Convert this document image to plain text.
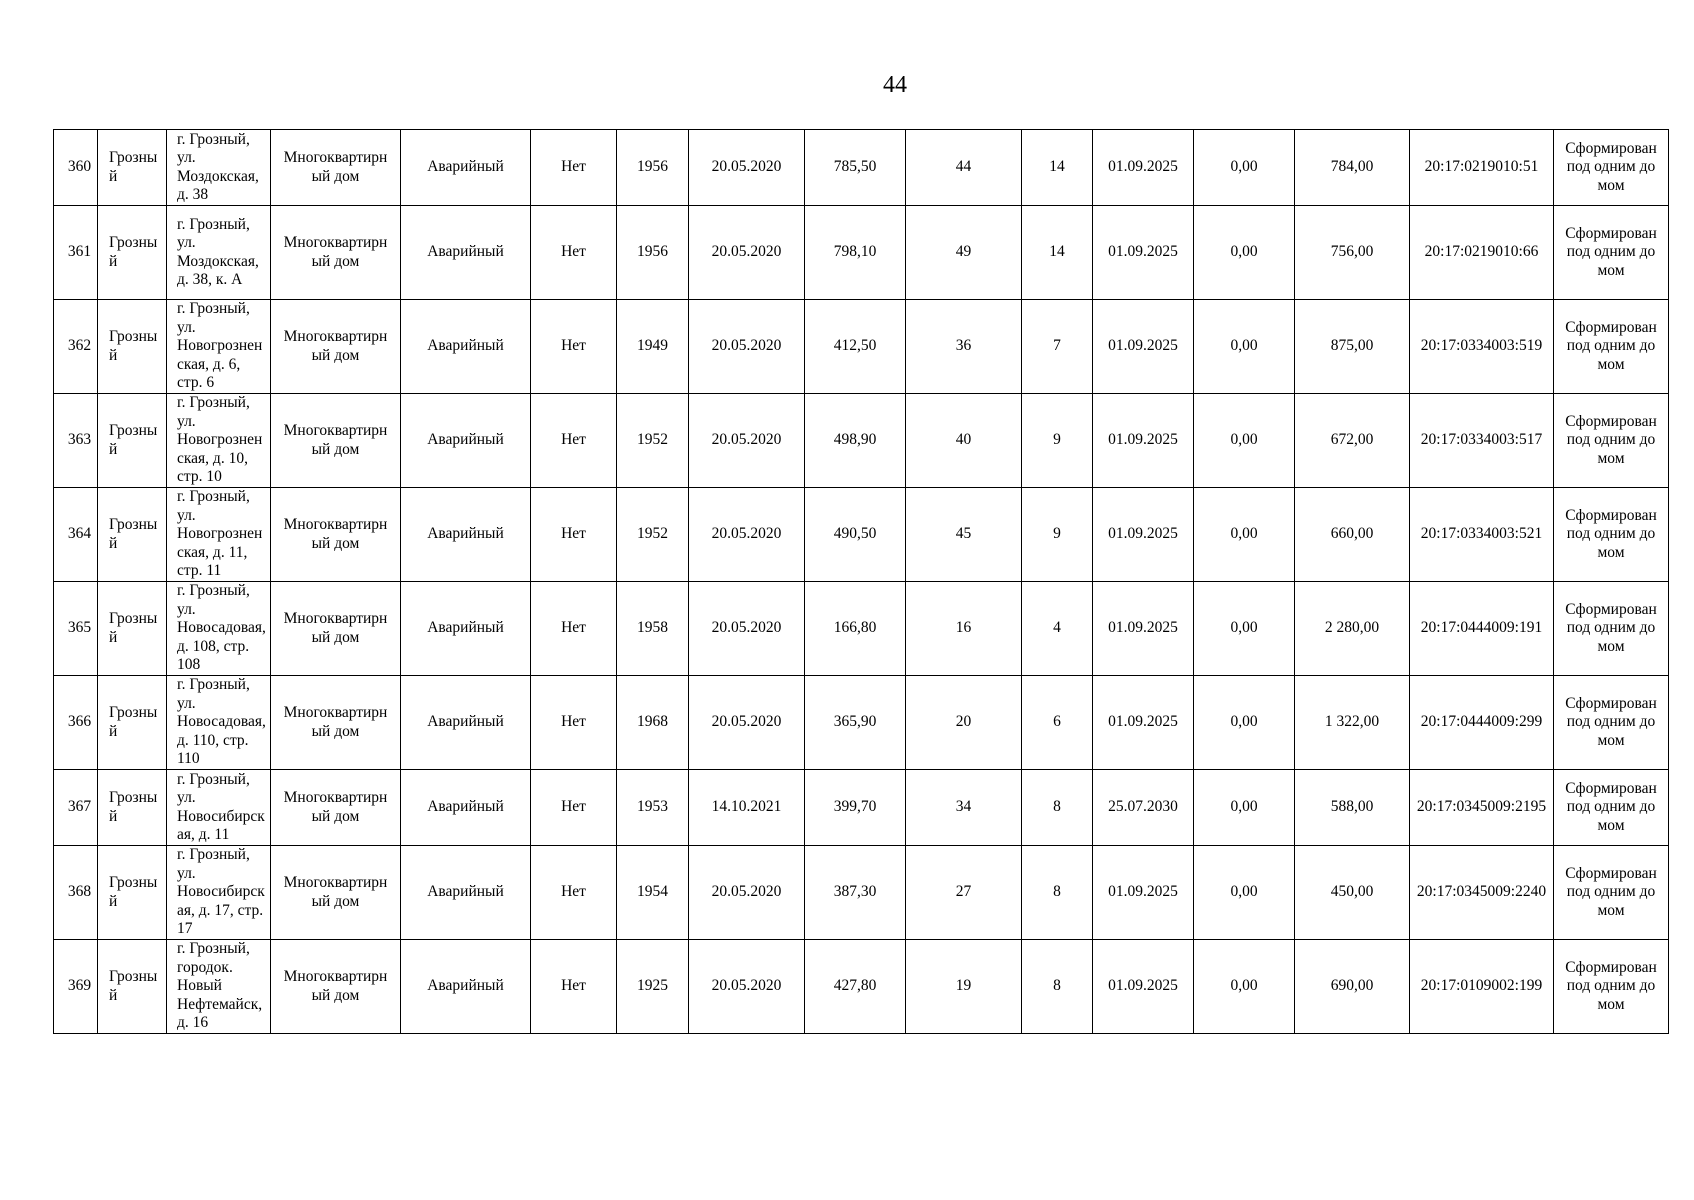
44
360	Грозный	г. Грозный, ул. Моздокская, д. 38	Многоквартирный дом	Аварийный	Нет	1956	20.05.2020	785,50	44	14	01.09.2025	0,00	784,00	20:17:0219010:51	Сформирован под одним домом
361	Грозный	г. Грозный, ул. Моздокская, д. 38, к. А	Многоквартирный дом	Аварийный	Нет	1956	20.05.2020	798,10	49	14	01.09.2025	0,00	756,00	20:17:0219010:66	Сформирован под одним домом
362	Грозный	г. Грозный, ул. Новогрозненская, д. 6, стр. 6	Многоквартирный дом	Аварийный	Нет	1949	20.05.2020	412,50	36	7	01.09.2025	0,00	875,00	20:17:0334003:519	Сформирован под одним домом
363	Грозный	г. Грозный, ул. Новогрозненская, д. 10, стр. 10	Многоквартирный дом	Аварийный	Нет	1952	20.05.2020	498,90	40	9	01.09.2025	0,00	672,00	20:17:0334003:517	Сформирован под одним домом
364	Грозный	г. Грозный, ул. Новогрозненская, д. 11, стр. 11	Многоквартирный дом	Аварийный	Нет	1952	20.05.2020	490,50	45	9	01.09.2025	0,00	660,00	20:17:0334003:521	Сформирован под одним домом
365	Грозный	г. Грозный, ул. Новосадовая, д. 108, стр. 108	Многоквартирный дом	Аварийный	Нет	1958	20.05.2020	166,80	16	4	01.09.2025	0,00	2 280,00	20:17:0444009:191	Сформирован под одним домом
366	Грозный	г. Грозный, ул. Новосадовая, д. 110, стр. 110	Многоквартирный дом	Аварийный	Нет	1968	20.05.2020	365,90	20	6	01.09.2025	0,00	1 322,00	20:17:0444009:299	Сформирован под одним домом
367	Грозный	г. Грозный, ул. Новосибирская, д. 11	Многоквартирный дом	Аварийный	Нет	1953	14.10.2021	399,70	34	8	25.07.2030	0,00	588,00	20:17:0345009:2195	Сформирован под одним домом
368	Грозный	г. Грозный, ул. Новосибирская, д. 17, стр. 17	Многоквартирный дом	Аварийный	Нет	1954	20.05.2020	387,30	27	8	01.09.2025	0,00	450,00	20:17:0345009:2240	Сформирован под одним домом
369	Грозный	г. Грозный, городок. Новый Нефтемайск, д. 16	Многоквартирный дом	Аварийный	Нет	1925	20.05.2020	427,80	19	8	01.09.2025	0,00	690,00	20:17:0109002:199	Сформирован под одним домом
